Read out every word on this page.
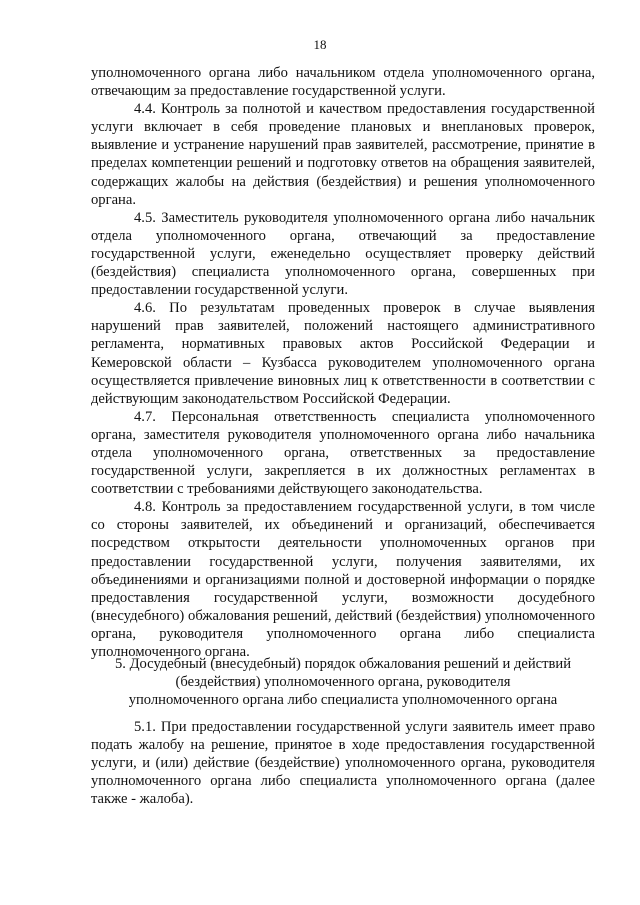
18

уполномоченного органа либо начальником отдела уполномоченного органа, отвечающим за предоставление государственной услуги.

4.4. Контроль за полнотой и качеством предоставления государственной услуги включает в себя проведение плановых и внеплановых проверок, выявление и устранение нарушений прав заявителей, рассмотрение, принятие в пределах компетенции решений и подготовку ответов на обращения заявителей, содержащих жалобы на действия (бездействия) и решения уполномоченного органа.

4.5. Заместитель руководителя уполномоченного органа либо начальник отдела уполномоченного органа, отвечающий за предоставление государственной услуги, еженедельно осуществляет проверку действий (бездействия) специалиста уполномоченного органа, совершенных при предоставлении государственной услуги.

4.6. По результатам проведенных проверок в случае выявления нарушений прав заявителей, положений настоящего административного регламента, нормативных правовых актов Российской Федерации и Кемеровской области – Кузбасса руководителем уполномоченного органа осуществляется привлечение виновных лиц к ответственности в соответствии с действующим законодательством Российской Федерации.

4.7. Персональная ответственность специалиста уполномоченного органа, заместителя руководителя уполномоченного органа либо начальника отдела уполномоченного органа, ответственных за предоставление государственной услуги, закрепляется в их должностных регламентах в соответствии с требованиями действующего законодательства.

4.8. Контроль за предоставлением государственной услуги, в том числе со стороны заявителей, их объединений и организаций, обеспечивается посредством открытости деятельности уполномоченных органов при предоставлении государственной услуги, получения заявителями, их объединениями и организациями полной и достоверной информации о порядке предоставления государственной услуги, возможности досудебного (внесудебного) обжалования решений, действий (бездействия) уполномоченного органа, руководителя уполномоченного органа либо специалиста уполномоченного органа.

5. Досудебный (внесудебный) порядок обжалования решений и действий
(бездействия) уполномоченного органа, руководителя
уполномоченного органа либо специалиста уполномоченного органа

5.1. При предоставлении государственной услуги заявитель имеет право подать жалобу на решение, принятое в ходе предоставления государственной услуги, и (или) действие (бездействие) уполномоченного органа, руководителя уполномоченного органа либо специалиста уполномоченного органа (далее также - жалоба).
